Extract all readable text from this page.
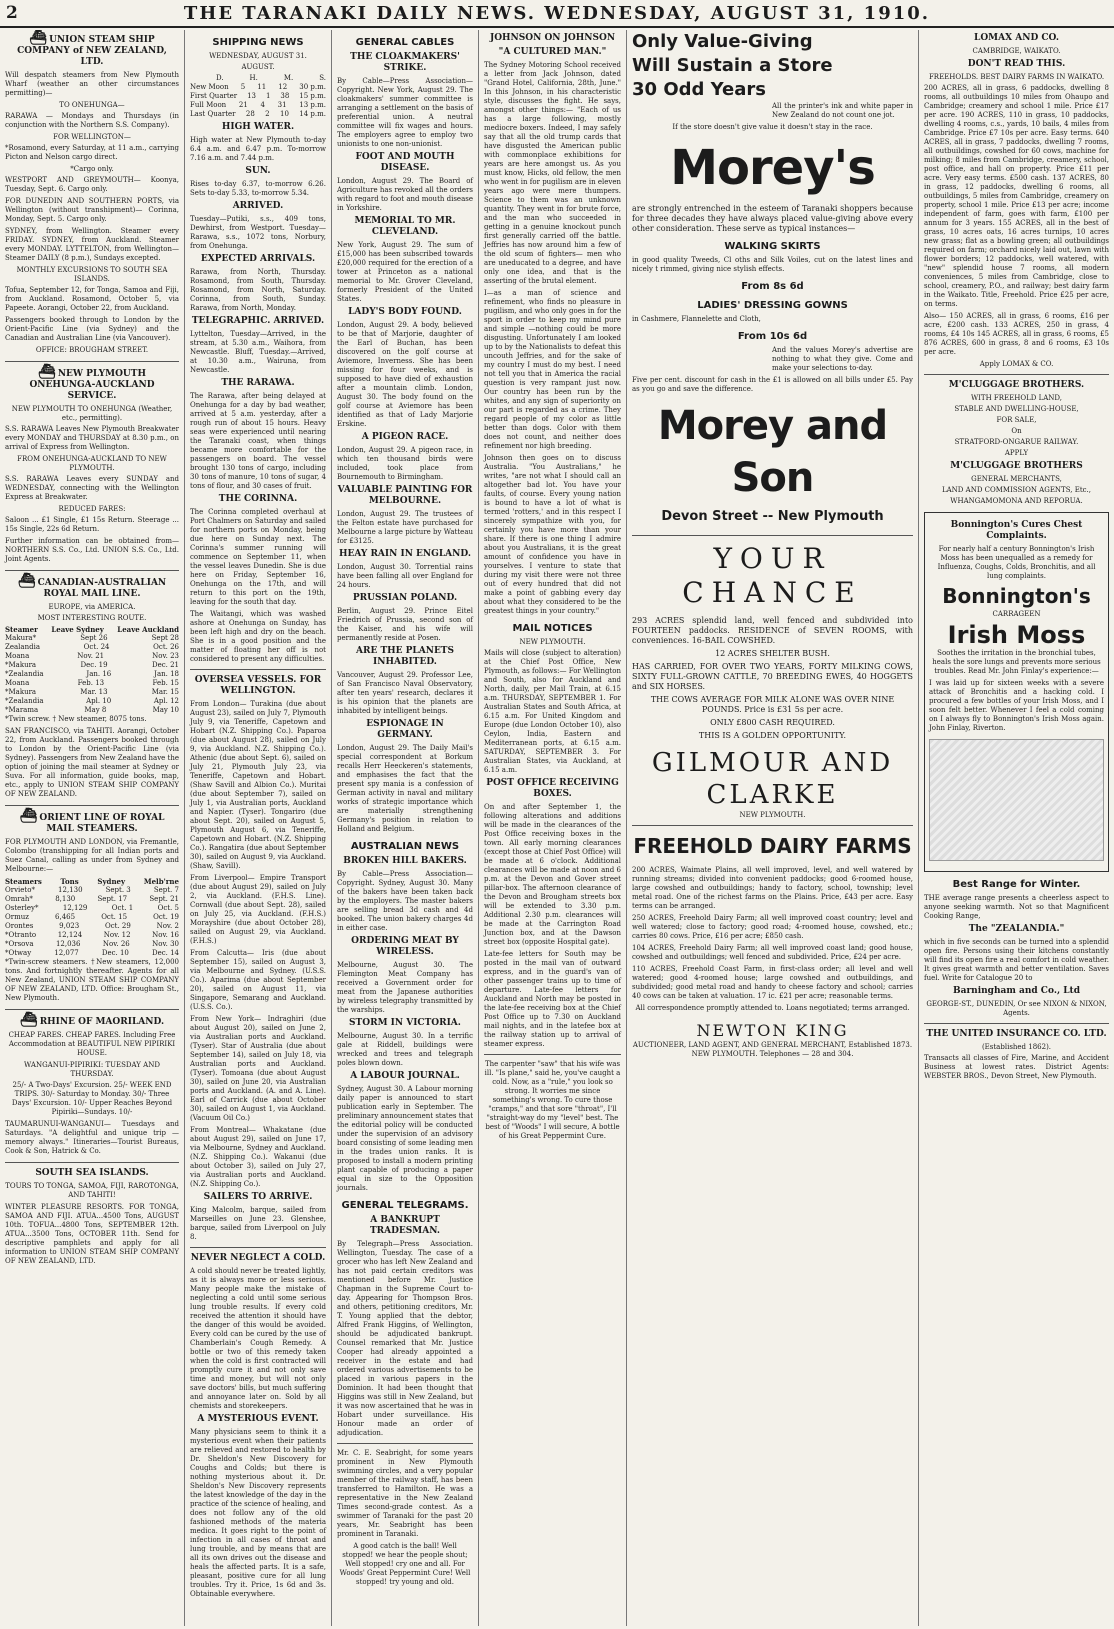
2	THE TARANAKI DAILY NEWS. WEDNESDAY, AUGUST 31, 1910.
⛴ UNION STEAM SHIP COMPANY of NEW ZEALAND, LTD.

Will despatch steamers from New Plymouth Wharf (weather an other circumstances permitting)—

TO ONEHUNGA—

RARAWA — Mondays and Thursdays (in conjunction with the Northern S.S. Company).

FOR WELLINGTON—

*Rosamond, every Saturday, at 11 a.m., carrying Picton and Nelson cargo direct.

*Cargo only.

WESTPORT AND GREYMOUTH— Koonya, Tuesday, Sept. 6. Cargo only.

FOR DUNEDIN AND SOUTHERN PORTS, via Wellington (without transhipment)— Corinna, Monday, Sept. 5. Cargo only.

SYDNEY, from Wellington. Steamer every FRIDAY. SYDNEY, from Auckland. Steamer every MONDAY. LYTTELTON, from Wellington— Steamer DAILY (8 p.m.), Sundays excepted.

MONTHLY EXCURSIONS TO SOUTH SEA ISLANDS.

Tofua, September 12, for Tonga, Samoa and Fiji, from Auckland. Rosamond, October 5, via Papeete. Aorangi, October 22, from Auckland.

Passengers booked through to London by the Orient-Pacific Line (via Sydney) and the Canadian and Australian Line (via Vancouver).

OFFICE: BROUGHAM STREET.
⛴ NEW PLYMOUTH ONEHUNGA-AUCKLAND SERVICE.
NEW PLYMOUTH TO ONEHUNGA (Weather, etc., permitting).

S.S. RARAWA Leaves New Plymouth Breakwater every MONDAY and THURSDAY at 8.30 p.m., on arrival of Express from Wellington.

FROM ONEHUNGA-AUCKLAND TO NEW PLYMOUTH.

S.S. RARAWA Leaves every SUNDAY and WEDNESDAY, connecting with the Wellington Express at Breakwater.

REDUCED FARES:

Saloon ... £1 Single, £1 15s Return. Steerage ... 15s Single, 22s 6d Return.

Further information can be obtained from— NORTHERN S.S. Co., Ltd. UNION S.S. Co., Ltd. Joint Agents.

⛴ CANADIAN-AUSTRALIAN ROYAL MAIL LINE.
EUROPE, via AMERICA.
MOST INTERESTING ROUTE.
Steamer Leave Sydney Leave Auckland
Makura*	Sept 26	Sept 28
Zealandia	Oct. 24	Oct. 26
Moana	Nov. 21	Nov. 23
*Makura	Dec. 19	Dec. 21
*Zealandia	Jan. 16	Jan. 18
Moana	Feb. 13	Feb. 15
*Makura	Mar. 13	Mar. 15
*Zealandia	Apl. 10	Apl. 12
*Marama	May 8	May 10

*Twin screw. † New steamer, 8075 tons.

SAN FRANCISCO, via TAHITI. Aorangi, October 22, from Auckland. Passengers booked through to London by the Orient-Pacific Line (via Sydney). Passengers from New Zealand have the option of joining the mail steamer at Sydney or Suva. For all information, guide books, map, etc., apply to UNION STEAM SHIP COMPANY OF NEW ZEALAND.

⛴ ORIENT LINE OF ROYAL MAIL STEAMERS.

FOR PLYMOUTH AND LONDON, via Fremantle, Colombo (transhipping for all Indian ports and Suez Canal, calling as under from Sydney and Melbourne:—

Steamers	Tons	Sydney	Melb'rne
Orvieto*	12,130	Sept. 3	Sept. 7
Omrah*	8,130	Sept. 17	Sept. 21
Osterley*	12,129	Oct. 1	Oct. 5
Ormuz	6,465	Oct. 15	Oct. 19
Orontes	9,023	Oct. 29	Nov. 2
*Otranto	12,124	Nov. 12	Nov. 16
*Orsova	12,036	Nov. 26	Nov. 30
*Otway	12,077	Dec. 10	Dec. 14

*Twin-screw steamers. †New steamers, 12,000 tons. And fortnightly thereafter. Agents for all New Zealand, UNION STEAM SHIP COMPANY OF NEW ZEALAND, LTD. Office: Brougham St., New Plymouth.

⛴ RHINE OF MAORILAND.

CHEAP FARES. CHEAP FARES. Including Free Accommodation at BEAUTIFUL NEW PIPIRIKI HOUSE.

WANGANUI-PIPIRIKI: TUESDAY AND THURSDAY.

25/- A Two-Days' Excursion. 25/- WEEK END TRIPS. 30/- Saturday to Monday. 30/- Three Days' Excursion. 10/- Upper Reaches Beyond Pipiriki—Sundays. 10/-

TAUMARUNUI-WANGANUI— Tuesdays and Saturdays. "A delightful and unique trip — memory always." Itineraries—Tourist Bureaus, Cook & Son, Hatrick & Co.

SOUTH SEA ISLANDS.

TOURS TO TONGA, SAMOA, FIJI, RAROTONGA, AND TAHITI!

WINTER PLEASURE RESORTS. FOR TONGA, SAMOA AND FIJI. ATUA...4500 Tons, AUGUST 10th. TOFUA...4800 Tons, SEPTEMBER 12th. ATUA...3500 Tons, OCTOBER 11th. Send for descriptive pamphlets and apply for all information to UNION STEAM SHIP COMPANY OF NEW ZEALAND, LTD.

SHIPPING NEWS
WEDNESDAY, AUGUST 31.
AUGUST.
D.	H.	M.	S.
New Moon 5 11 12 30 p.m.
First Quarter 13 1 38 15 p.m.
Full Moon 21 4 31 13 p.m.
Last Quarter 28 2 10 14 p.m.
HIGH WATER.

High water at New Plymouth to-day 6.4 a.m. and 6.47 p.m. To-morrow 7.16 a.m. and 7.44 p.m.

SUN.

Rises to-day 6.37, to-morrow 6.26. Sets to-day 5.33, to-morrow 5.34.

ARRIVED.

Tuesday—Putiki, s.s., 409 tons, Dewhirst, from Westport. Tuesday—Rarawa, s.s., 1072 tons, Norbury, from Onehunga.

EXPECTED ARRIVALS.

Rarawa, from North, Thursday. Rosamond, from South, Thursday. Rosamond, from North, Saturday. Corinna, from South, Sunday. Rarawa, from North, Monday.

TELEGRAPHIC. ARRIVED.

Lyttelton, Tuesday—Arrived, in the stream, at 5.30 a.m., Waihora, from Newcastle. Bluff, Tuesday.—Arrived, at 10.30 a.m., Wairuna, from Newcastle.

THE RARAWA.

The Rarawa, after being delayed at Onehunga for a day by bad weather, arrived at 5 a.m. yesterday, after a rough run of about 15 hours. Heavy seas were experienced until nearing the Taranaki coast, when things became more comfortable for the passengers on board. The vessel brought 130 tons of cargo, including 30 tons of manure, 10 tons of sugar, 4 tons of flour, and 30 cases of fruit.

THE CORINNA.

The Corinna completed overhaul at Port Chalmers on Saturday and sailed for northern ports on Monday, being due here on Sunday next. The Corinna's summer running will commence on September 11, when the vessel leaves Dunedin. She is due here on Friday, September 16, Onehunga on the 17th, and will return to this port on the 19th, leaving for the south that day.

The Waitangi, which was washed ashore at Onehunga on Sunday, has been left high and dry on the beach. She is in a good position and the matter of floating her off is not considered to present any difficulties.

OVERSEA VESSELS. FOR WELLINGTON.

From London— Turakina (due about August 23), sailed on July 7, Plymouth July 9, via Teneriffe, Capetown and Hobart (N.Z. Shipping Co.). Paparoa (due about August 28), sailed on July 9, via Auckland. N.Z. Shipping Co.). Athenic (due about Sept. 6), sailed on July 21, Plymouth July 23, via Teneriffe, Capetown and Hobart. (Shaw Savill and Albion Co.). Muritai (due about September 7), sailed on July 1, via Australian ports, Auckland and Napier. (Tyser). Tongariro (due about Sept. 20), sailed on August 5, Plymouth August 6, via Teneriffe, Capetown and Hobart. (N.Z. Shipping Co.). Rangatira (due about September 30), sailed on August 9, via Auckland. (Shaw, Savill).

From Liverpool— Empire Transport (due about August 29), sailed on July 2, via Auckland. (F.H.S. Line). Cornwall (due about Sept. 28), sailed on July 25, via Auckland. (F.H.S.) Morayshire (due about October 28), sailed on August 29, via Auckland. (F.H.S.)

From Calcutta— Iris (due about September 15), sailed on August 3, via Melbourne and Sydney. (U.S.S. Co.). Aparima (due about September 20), sailed on August 11, via Singapore, Semarang and Auckland. (U.S.S. Co.).

From New York— Indraghiri (due about August 20), sailed on June 2, via Australian ports and Auckland. (Tyser). Star of Australia (due about September 14), sailed on July 18, via Australian ports and Auckland. (Tyser). Tomoana (due about August 30), sailed on June 20, via Australian ports and Auckland. (A. and A. Line). Earl of Carrick (due about October 30), sailed on August 1, via Auckland. (Vacuum Oil Co.)

From Montreal— Whakatane (due about August 29), sailed on June 17, via Melbourne, Sydney and Auckland. (N.Z. Shipping Co.). Wakanui (due about October 3), sailed on July 27, via Australian ports and Auckland. (N.Z. Shipping Co.).

SAILERS TO ARRIVE.

King Malcolm, barque, sailed from Marseilles on June 23. Glenshee, barque, sailed from Liverpool on July 8.

NEVER NEGLECT A COLD.

A cold should never be treated lightly, as it is always more or less serious. Many people make the mistake of neglecting a cold until some serious lung trouble results. If every cold received the attention it should have the danger of this would be avoided. Every cold can be cured by the use of Chamberlain's Cough Remedy. A bottle or two of this remedy taken when the cold is first contracted will promptly cure it and not only save time and money, but will not only save doctors' bills, but much suffering and annoyance later on. Sold by all chemists and storekeepers.

A MYSTERIOUS EVENT.

Many physicians seem to think it a mysterious event when their patients are relieved and restored to health by Dr. Sheldon's New Discovery for Coughs and Colds; but there is nothing mysterious about it. Dr. Sheldon's New Discovery represents the latest knowledge of the day in the practice of the science of healing, and does not follow any of the old fashioned methods of the materia medica. It goes right to the point of infection in all cases of throat and lung trouble, and by means that are all its own drives out the disease and heals the affected parts. It is a safe, pleasant, positive cure for all lung troubles. Try it. Price, 1s 6d and 3s. Obtainable everywhere.

GENERAL CABLES
THE CLOAKMAKERS' STRIKE.

By Cable—Press Association—Copyright. New York, August 29. The cloakmakers' summer committee is arranging a settlement on the basis of preferential union. A neutral committee will fix wages and hours. The employers agree to employ two unionists to one non-unionist.

FOOT AND MOUTH DISEASE.

London, August 29. The Board of Agriculture has revoked all the orders with regard to foot and mouth disease in Yorkshire.

MEMORIAL TO MR. CLEVELAND.

New York, August 29. The sum of £15,000 has been subscribed towards £20,000 required for the erection of a tower at Princeton as a national memorial to Mr. Grover Cleveland, formerly President of the United States.

LADY'S BODY FOUND.

London, August 29. A body, believed to be that of Marjorie, daughter of the Earl of Buchan, has been discovered on the golf course at Aviemore, Inverness. She has been missing for four weeks, and is supposed to have died of exhaustion after a mountain climb. London, August 30. The body found on the golf course at Aviemore has been identified as that of Lady Marjorie Erskine.

A PIGEON RACE.

London, August 29. A pigeon race, in which ten thousand birds were included, took place from Bournemouth to Birmingham.

VALUABLE PAINTING FOR MELBOURNE.

London, August 29. The trustees of the Felton estate have purchased for Melbourne a large picture by Watteau for £3125.

HEAY RAIN IN ENGLAND.

London, August 30. Torrential rains have been falling all over England for 24 hours.

PRUSSIAN POLAND.

Berlin, August 29. Prince Eitel Friedrich of Prussia, second son of the Kaiser, and his wife will permanently reside at Posen.

ARE THE PLANETS INHABITED.

Vancouver, August 29. Professor Lee, of San Francisco Naval Observatory, after ten years' research, declares it is his opinion that the planets are inhabited by intelligent beings.

ESPIONAGE IN GERMANY.

London, August 29. The Daily Mail's special correspondent at Borkum recalls Herr Heeckeren's statements, and emphasises the fact that the present spy mania is a confession of German activity in naval and military works of strategic importance which are materially strengthening Germany's position in relation to Holland and Belgium.

AUSTRALIAN NEWS
BROKEN HILL BAKERS.

By Cable—Press Association—Copyright. Sydney, August 30. Many of the bakers have been taken back by the employers. The master bakers are selling bread 3d cash and 4d booked. The union bakery charges 4d in either case.

ORDERING MEAT BY WIRELESS.

Melbourne, August 30. The Flemington Meat Company has received a Government order for meat from the Japanese authorities by wireless telegraphy transmitted by the warships.

STORM IN VICTORIA.

Melbourne, August 30. In a terrific gale at Riddell, buildings were wrecked and trees and telegraph poles blown down.

A LABOUR JOURNAL.

Sydney, August 30. A Labour morning daily paper is announced to start publication early in September. The preliminary announcement states that the editorial policy will be conducted under the supervision of an advisory board consisting of some leading men in the trades union ranks. It is proposed to install a modern printing plant capable of producing a paper equal in size to the Opposition journals.

GENERAL TELEGRAMS.
A BANKRUPT TRADESMAN.

By Telegraph—Press Association. Wellington, Tuesday. The case of a grocer who has left New Zealand and has not paid certain creditors was mentioned before Mr. Justice Chapman in the Supreme Court to-day. Appearing for Thompson Bros. and others, petitioning creditors, Mr. T. Young applied that the debtor, Alfred Frank Higgins, of Wellington, should be adjudicated bankrupt. Counsel remarked that Mr. Justice Cooper had already appointed a receiver in the estate and had ordered various advertisements to be placed in various papers in the Dominion. It had been thought that Higgins was still in New Zealand, but it was now ascertained that he was in Hobart under surveillance. His Honour made an order of adjudication.

Mr. C. E. Seabright, for some years prominent in New Plymouth swimming circles, and a very popular member of the railway staff, has been transferred to Hamilton. He was a representative in the New Zealand Times second-grade contest. As a swimmer of Taranaki for the past 20 years, Mr. Seabright has been prominent in Taranaki.

A good catch is the ball! Well stopped! we hear the people shout; Well stopped! cry one and all. For Woods' Great Peppermint Cure! Well stopped! try young and old.

JOHNSON ON JOHNSON
"A CULTURED MAN."

The Sydney Motoring School received a letter from Jack Johnson, dated "Grand Hotel, California, 28th, June." In this Johnson, in his characteristic style, discusses the fight. He says, amongst other things:— "Each of us has a large following, mostly mediocre boxers. Indeed, I may safely say that all the old trump cards that have disgusted the American public with commonplace exhibitions for years are here amongst us. As you must know, Hicks, old fellow, the men who went in for pugilism are in eleven years ago were mere thumpers. Science to them was an unknown quantity. They went in for brute force, and the man who succeeded in getting in a genuine knockout punch first generally carried off the battle. Jeffries has now around him a few of the old scum of fighters— men who are uneducated to a degree, and have only one idea, and that is the asserting of the brutal element.

I—as a man of science and refinement, who finds no pleasure in pugilism, and who only goes in for the sport in order to keep my mind pure and simple —nothing could be more disgusting. Unfortunately I am looked up to by the Nationalists to defeat this uncouth Jeffries, and for the sake of my country I must do my best. I need not tell you that in America the racial question is very rampant just now. Our country has been run by the whites, and any sign of superiority on our part is regarded as a crime. They regard people of my color as little better than dogs. Color with them does not count, and neither does refinement nor high breeding.

Johnson then goes on to discuss Australia. "You Australians," he writes, "are not what I should call an altogether bad lot. You have your faults, of course. Every young nation is bound to have a lot of what is termed 'rotters,' and in this respect I sincerely sympathize with you, for certainly you have more than your share. If there is one thing I admire about you Australians, it is the great amount of confidence you have in yourselves. I venture to state that during my visit there were not three out of every hundred that did not make a point of gabbing every day about what they considered to be the greatest things in your country."

MAIL NOTICES
NEW PLYMOUTH.

Mails will close (subject to alteration) at the Chief Post Office, New Plymouth, as follows:— For Wellington and South, also for Auckland and North, daily, per Mail Train, at 6.15 a.m. THURSDAY, SEPTEMBER 1. For Australian States and South Africa, at 6.15 a.m. For United Kingdom and Europe (due London October 10), also Ceylon, India, Eastern and Mediterranean ports, at 6.15 a.m. SATURDAY, SEPTEMBER 3. For Australian States, via Auckland, at 6.15 a.m.

POST OFFICE RECEIVING BOXES.

On and after September 1, the following alterations and additions will be made in the clearances of the Post Office receiving boxes in the town. All early morning clearances (except those at Chief Post Office) will be made at 6 o'clock. Additional clearances will be made at noon and 6 p.m. at the Devon and Gover street pillar-box. The afternoon clearance of the Devon and Brougham streets box will be extended to 3.30 p.m. Additional 2.30 p.m. clearances will be made at the Carrington Road Junction box, and at the Dawson street box (opposite Hospital gate).

Late-fee letters for South may be posted in the mail van of outward express, and in the guard's van of other passenger trains up to time of departure. Late-fee letters for Auckland and North may be posted in the late-fee receiving box at the Chief Post Office up to 7.30 on Auckland mail nights, and in the latefee box at the railway station up to arrival of steamer express.

The carpenter "saw" that his wife was ill. "Is plane," said he, you've caught a cold. Now, as a "rule," you look so strong. It worries me since something's wrong. To cure those "cramps," and that sore "throat", I'll "straight-way do my "level" best. The best of "Woods" I will secure, A bottle of his Great Peppermint Cure.

Only Value-Giving
Will Sustain a Store
30 Odd Years

All the printer's ink and white paper in New Zealand do not count one jot.

If the store doesn't give value it doesn't stay in the race.

Morey's

are strongly entrenched in the esteem of Taranaki shoppers because for three decades they have always placed value-giving above every other consideration. These serve as typical instances—

WALKING SKIRTS

in good quality Tweeds, Cl oths and Silk Voiles, cut on the latest lines and nicely t rimmed, giving nice stylish effects.

From 8s 6d
LADIES' DRESSING GOWNS

in Cashmere, Flannelette and Cloth,

From 10s 6d

And the values Morey's advertise are nothing to what they give. Come and make your selections to-day.

Five per cent. discount for cash in the £1 is allowed on all bills under £5. Pay as you go and save the difference.

Morey and Son
Devon Street -- New Plymouth
YOUR CHANCE

293 ACRES splendid land, well fenced and subdivided into FOURTEEN paddocks. RESIDENCE of SEVEN ROOMS, with conveniences. 16-BAIL COWSHED.

12 ACRES SHELTER BUSH.

HAS CARRIED, FOR OVER TWO YEARS, FORTY MILKING COWS, SIXTY FULL-GROWN CATTLE, 70 BREEDING EWES, 40 HOGGETS and SIX HORSES.

THE COWS AVERAGE FOR MILK ALONE WAS OVER NINE POUNDS. Price is £31 5s per acre.

ONLY £800 CASH REQUIRED.

THIS IS A GOLDEN OPPORTUNITY.

GILMOUR AND CLARKE

NEW PLYMOUTH.

FREEHOLD DAIRY FARMS

200 ACRES, Waimate Plains, all well improved, level, and well watered by running streams; divided into convenient paddocks; good 6-roomed house, large cowshed and outbuildings; handy to factory, school, township; level metal road. One of the richest farms on the Plains. Price, £43 per acre. Easy terms can be arranged.

250 ACRES, Freehold Dairy Farm; all well improved coast country; level and well watered; close to factory; good road; 4-roomed house, cowshed, etc.; carries 80 cows. Price, £16 per acre; £850 cash.

104 ACRES, Freehold Dairy Farm; all well improved coast land; good house, cowshed and outbuildings; well fenced and subdivided. Price, £24 per acre.

110 ACRES, Freehold Coast Farm, in first-class order; all level and well watered; good 4-roomed house; large cowshed and outbuildings, and subdivided; good metal road and handy to cheese factory and school; carries 40 cows can be taken at valuation. 17 ic. £21 per acre; reasonable terms.

All correspondence promptly attended to. Loans negotiated; terms arranged.

NEWTON KING

AUCTIONEER, LAND AGENT, AND GENERAL MERCHANT, Established 1873. NEW PLYMOUTH. Telephones — 28 and 304.

LOMAX AND CO.
CAMBRIDGE, WAIKATO.
DON'T READ THIS.
FREEHOLDS. BEST DAIRY FARMS IN WAIKATO.

200 ACRES, all in grass, 6 paddocks, dwelling 8 rooms, all outbuildings 10 miles from Ohaupo and Cambridge; creamery and school 1 mile. Price £17 per acre. 190 ACRES, 110 in grass, 10 paddocks, dwelling 4 rooms, c.s., yards, 10 bails, 4 miles from Cambridge. Price £7 10s per acre. Easy terms. 640 ACRES, all in grass, 7 paddocks, dwelling 7 rooms, all outbuildings, cowshed for 60 cows, machine for milking; 8 miles from Cambridge, creamery, school, post office, and hall on property. Price £11 per acre. Very easy terms. £500 cash. 137 ACRES, 80 in grass, 12 paddocks, dwelling 6 rooms, all outbuildings, 5 miles from Cambridge, creamery on property, school 1 mile. Price £13 per acre; income independent of farm, goes with farm, £100 per annum for 3 years. 155 ACRES, all in the best of grass, 10 acres oats, 16 acres turnips, 10 acres new grass; flat as a bowling green; all outbuildings required on farm; orchard nicely laid out, lawn with flower borders; 12 paddocks, well watered, with "new" splendid house 7 rooms, all modern conveniences, 5 miles from Cambridge, close to school, creamery, P.O., and railway; best dairy farm in the Waikato. Title, Freehold. Price £25 per acre, on terms.

Also— 150 ACRES, all in grass, 6 rooms, £16 per acre, £200 cash. 133 ACRES, 250 in grass, 4 rooms, £4 10s 145 ACRES, all in grass, 6 rooms, £5 876 ACRES, 600 in grass, 8 and 6 rooms, £3 10s per acre.

Apply LOMAX & CO.

M'CLUGGAGE BROTHERS.
WITH FREEHOLD LAND,
STABLE AND DWELLING-HOUSE,
FOR SALE,
On
STRATFORD-ONGARUE RAILWAY.
APPLY
M'CLUGGAGE BROTHERS
GENERAL MERCHANTS,
LAND AND COMMISSION AGENTS, Etc.,
WHANGAMOMONA AND REPORUA.
Bonnington's Cures Chest Complaints.

For nearly half a century Bonnington's Irish Moss has been unequalled as a remedy for Influenza, Coughs, Colds, Bronchitis, and all lung complaints.

Bonnington's
CARRAGEEN
Irish Moss

Soothes the irritation in the bronchial tubes, heals the sore lungs and prevents more serious troubles. Read Mr. John Finlay's experience:—

I was laid up for sixteen weeks with a severe attack of Bronchitis and a hacking cold. I procured a few bottles of your Irish Moss, and I soon felt better. Whenever I feel a cold coming on I always fly to Bonnington's Irish Moss again. John Finlay, Riverton.

Best Range for Winter.

THE average range presents a cheerless aspect to anyone seeking warmth. Not so that Magnificent Cooking Range,

The "ZEALANDIA."

which in five seconds can be turned into a splendid open fire. Persons using their kitchens constantly will find its open fire a real comfort in cold weather. It gives great warmth and better ventilation. Saves fuel. Write for Catalogue 20 to

Barningham and Co., Ltd

GEORGE-ST., DUNEDIN, Or see NIXON & NIXON, Agents.

THE UNITED INSURANCE CO. LTD.
(Established 1862).

Transacts all classes of Fire, Marine, and Accident Business at lowest rates. District Agents: WEBSTER BROS., Devon Street, New Plymouth.
